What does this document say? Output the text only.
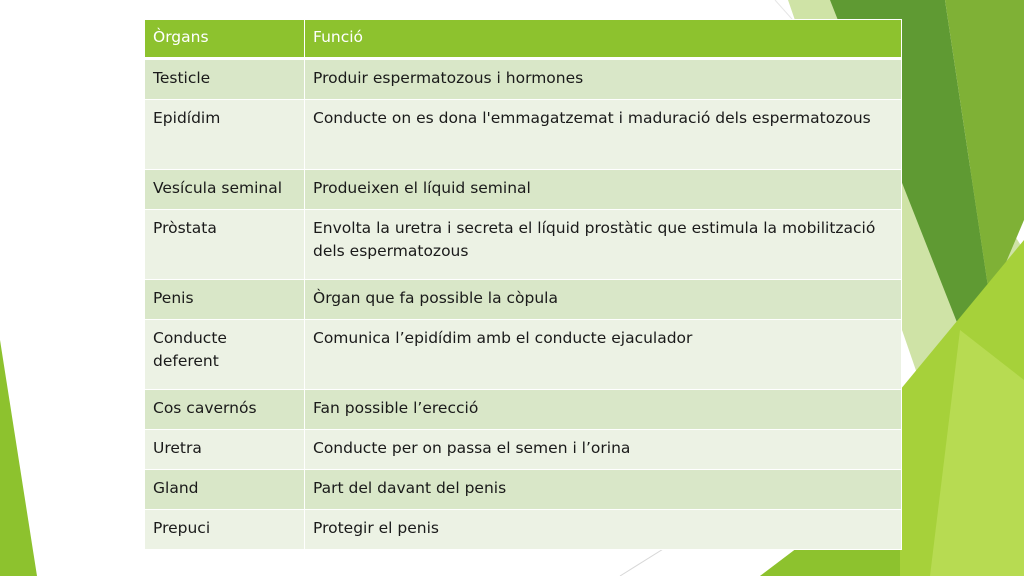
Òrgans	Funció
Testicle	Produir espermatozous i hormones
Epidídim	Conducte on es dona l'emmagatzemat i maduració dels espermatozous
Vesícula seminal	Produeixen el líquid seminal
Pròstata	Envolta la uretra i secreta el líquid prostàtic que estimula la mobilització dels espermatozous
Penis	Òrgan que fa possible la còpula
Conducte deferent	Comunica l’epidídim amb el conducte ejaculador
Cos cavernós	Fan possible l’erecció
Uretra	Conducte per on passa el semen i l’orina
Gland	Part del davant del penis
Prepuci	Protegir el penis
